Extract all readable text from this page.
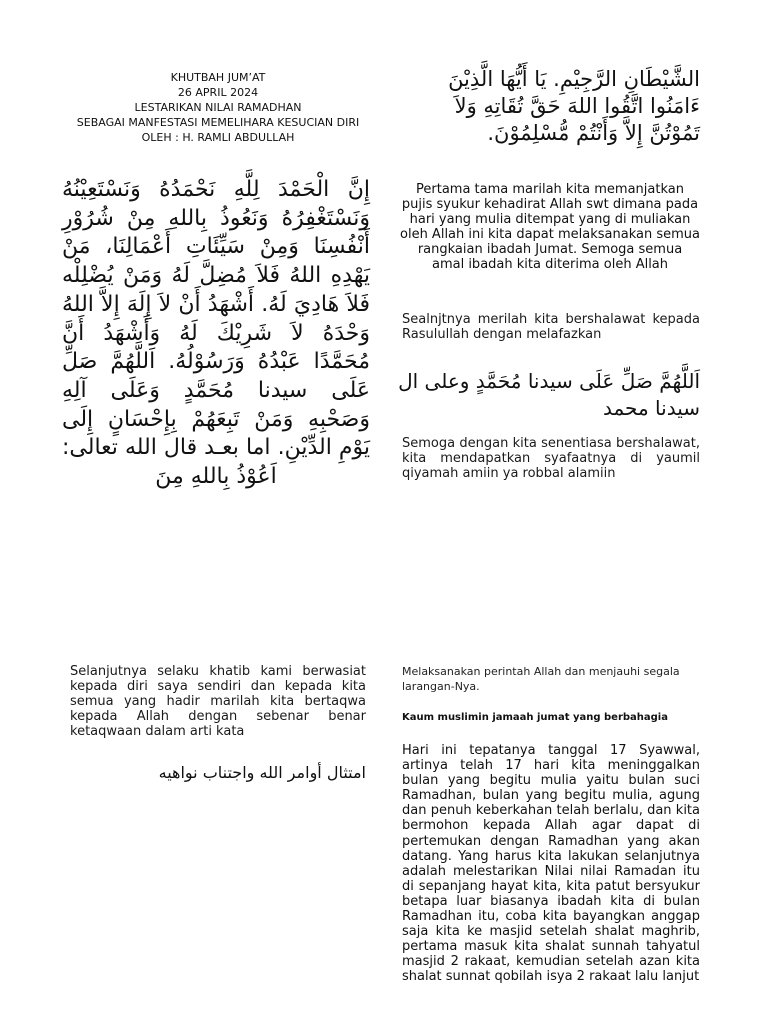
KHUTBAH JUM’AT
26 APRIL 2024
LESTARIKAN NILAI RAMADHAN
SEBAGAI MANFESTASI MEMELIHARA KESUCIAN DIRI
OLEH : H. RAMLI ABDULLAH
إِنَّ الْحَمْدَ لِلَّهِ نَحْمَدُهُ وَنَسْتَعِيْنُهُ وَنَسْتَغْفِرُهُ وَنَعُوذُ بِاللهِ مِنْ شُرُوْرِ أَنْفُسِنَا وَمِنْ سَيِّئَاتِ أَعْمَالِنَا، مَنْ يَهْدِهِ اللهُ فَلاَ مُضِلَّ لَهُ وَمَنْ يُضْلِلْه فَلاَ هَادِيَ لَهُ. أَشْهَدُ أَنْ لاَ إِلَهَ إِلاَّ اللهُ وَحْدَهُ لاَ شَرِيْكَ لَهُ وَأَشْهَدُ أَنَّ مُحَمَّدًا عَبْدُهُ وَرَسُوْلُهُ. اَللَّهُمَّ صَلِّ عَلَى سيدنا مُحَمَّدٍ وَعَلَى آلِهِ وَصَحْبِهِ وَمَنْ تَبِعَهُمْ بِإِحْسَانٍ إِلَى يَوْمِ الدِّيْنِ. اما بعـد قال الله تعالى: اَعُوْذُ بِاللهِ مِنَ
Selanjutnya selaku khatib kami berwasiat kepada diri saya sendiri dan kepada kita semua yang hadir marilah kita bertaqwa kepada Allah dengan sebenar benar ketaqwaan dalam arti kata
امتثال أوامر الله واجتناب نواهيه
الشَّيْطَانِ الرَّجِيْمِ. يَا أَيُّهَا الَّذِيْنَ ءَامَنُوا اتَّقُوا اللهَ حَقَّ تُقَاتِهِ وَلاَ تَمُوْتُنَّ إِلاَّ وَأَنْتُمْ مُّسْلِمُوْنَ.
Pertama tama marilah kita memanjatkan pujis syukur kehadirat Allah swt dimana pada hari yang mulia ditempat yang di muliakan oleh Allah ini kita dapat melaksanakan semua rangkaian ibadah Jumat. Semoga semua amal ibadah kita diterima oleh Allah
Sealnjtnya merilah kita bershalawat kepada Rasulullah dengan melafazkan
اَللَّهُمَّ صَلِّ عَلَى سيدنا مُحَمَّدٍ وعلى ال سيدنا محمد
Semoga dengan kita senentiasa bershalawat, kita mendapatkan syafaatnya di yaumil qiyamah amiin ya robbal alamiin
Melaksanakan perintah Allah dan menjauhi segala larangan-Nya.
Kaum muslimin jamaah jumat yang berbahagia
Hari ini tepatanya tanggal 17 Syawwal, artinya telah 17 hari kita meninggalkan bulan yang begitu mulia yaitu bulan suci Ramadhan, bulan yang begitu mulia, agung dan penuh keberkahan telah berlalu, dan kita bermohon kepada Allah agar dapat di pertemukan dengan Ramadhan yang akan datang. Yang harus kita lakukan selanjutnya adalah melestarikan Nilai nilai Ramadan itu di sepanjang hayat kita, kita patut bersyukur betapa luar biasanya ibadah kita di bulan Ramadhan itu, coba kita bayangkan anggap saja kita ke masjid setelah shalat maghrib, pertama masuk kita shalat sunnah tahyatul masjid 2 rakaat, kemudian setelah azan kita shalat sunnat qobilah isya 2 rakaat lalu lanjut
